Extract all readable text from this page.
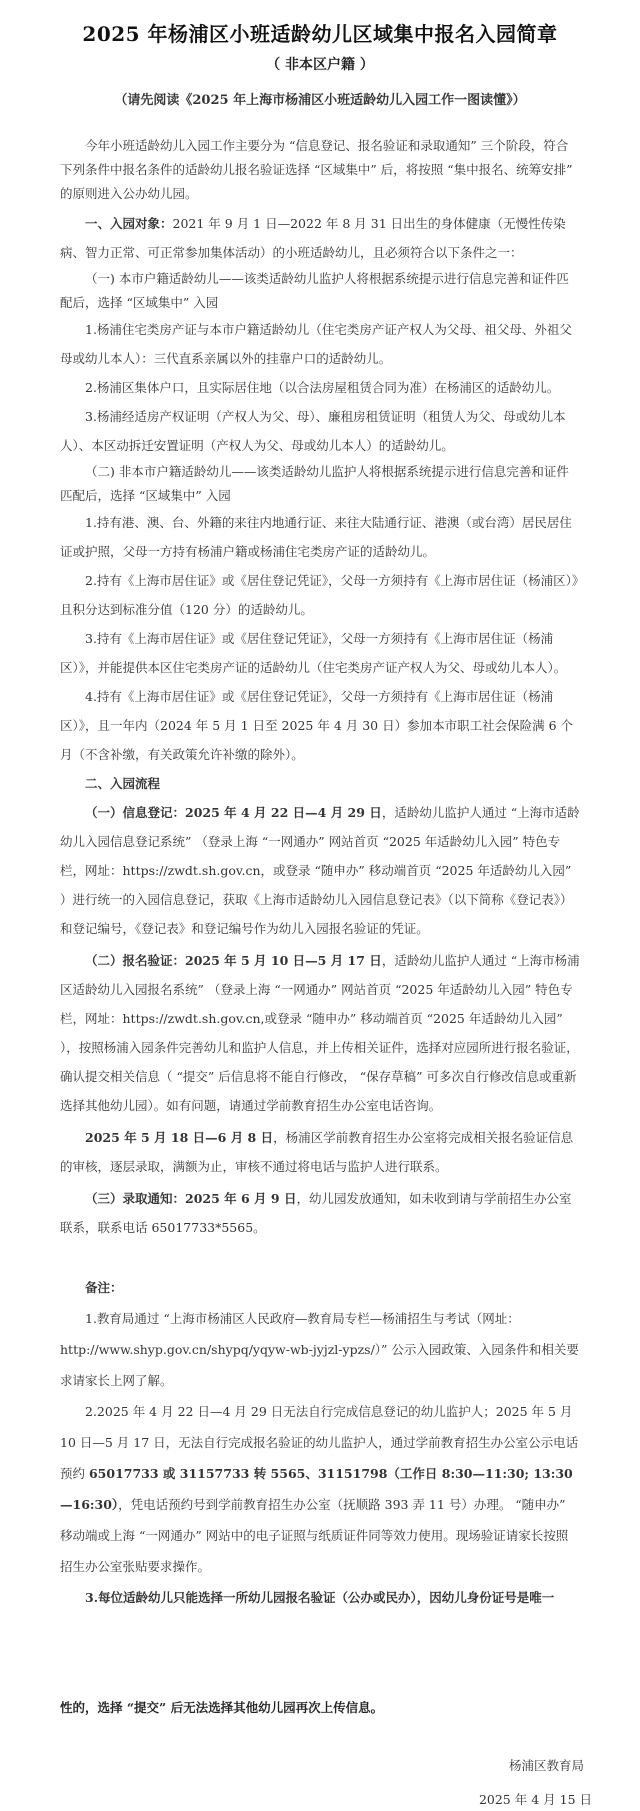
2025 年杨浦区小班适龄幼儿区域集中报名入园简章
（ 非本区户籍 ）
（请先阅读《2025 年上海市杨浦区小班适龄幼儿入园工作一图读懂》）

今年小班适龄幼儿入园工作主要分为 “信息登记、报名验证和录取通知” 三个阶段，符合下列条件中报名条件的适龄幼儿报名验证选择 “区域集中” 后，将按照 “集中报名、统筹安排” 的原则进入公办幼儿园。

一、入园对象：2021 年 9 月 1 日—2022 年 8 月 31 日出生的身体健康（无慢性传染病、智力正常、可正常参加集体活动）的小班适龄幼儿，且必须符合以下条件之一：

（一) 本市户籍适龄幼儿——该类适龄幼儿监护人将根据系统提示进行信息完善和证件匹配后，选择 “区域集中” 入园

1.杨浦住宅类房产证与本市户籍适龄幼儿（住宅类房产证产权人为父母、祖父母、外祖父母或幼儿本人）：三代直系亲属以外的挂靠户口的适龄幼儿。

2.杨浦区集体户口，且实际居住地（以合法房屋租赁合同为准）在杨浦区的适龄幼儿。

3.杨浦经适房产权证明（产权人为父、母）、廉租房租赁证明（租赁人为父、母或幼儿本人）、本区动拆迁安置证明（产权人为父、母或幼儿本人）的适龄幼儿。

（二) 非本市户籍适龄幼儿——该类适龄幼儿监护人将根据系统提示进行信息完善和证件匹配后，选择 “区域集中” 入园

1.持有港、澳、台、外籍的来往内地通行证、来往大陆通行证、港澳（或台湾）居民居住证或护照，父母一方持有杨浦户籍或杨浦住宅类房产证的适龄幼儿。

2.持有《上海市居住证》或《居住登记凭证》，父母一方须持有《上海市居住证（杨浦区）》且积分达到标准分值（120 分）的适龄幼儿。

3.持有《上海市居住证》或《居住登记凭证》，父母一方须持有《上海市居住证（杨浦区）》，并能提供本区住宅类房产证的适龄幼儿（住宅类房产证产权人为父、母或幼儿本人）。

4.持有《上海市居住证》或《居住登记凭证》，父母一方须持有《上海市居住证（杨浦区）》，且一年内（2024 年 5 月 1 日至 2025 年 4 月 30 日）参加本市职工社会保险满 6 个月（不含补缴，有关政策允许补缴的除外）。

二、入园流程

（一）信息登记：2025 年 4 月 22 日—4 月 29 日，适龄幼儿监护人通过 “上海市适龄幼儿入园信息登记系统” （登录上海 “一网通办” 网站首页 “2025 年适龄幼儿入园” 特色专栏，网址：https://zwdt.sh.gov.cn，或登录 “随申办” 移动端首页 “2025 年适龄幼儿入园” ）进行统一的入园信息登记，获取《上海市适龄幼儿入园信息登记表》（以下简称《登记表》）和登记编号，《登记表》和登记编号作为幼儿入园报名验证的凭证。

（二）报名验证：2025 年 5 月 10 日—5 月 17 日，适龄幼儿监护人通过 “上海市杨浦区适龄幼儿入园报名系统” （登录上海 “一网通办” 网站首页 “2025 年适龄幼儿入园” 特色专栏，网址：https://zwdt.sh.gov.cn,或登录 “随申办” 移动端首页 “2025 年适龄幼儿入园” ），按照杨浦入园条件完善幼儿和监护人信息，并上传相关证件，选择对应园所进行报名验证，确认提交相关信息（ “提交” 后信息将不能自行修改， “保存草稿” 可多次自行修改信息或重新选择其他幼儿园）。如有问题，请通过学前教育招生办公室电话咨询。

2025 年 5 月 18 日—6 月 8 日，杨浦区学前教育招生办公室将完成相关报名验证信息的审核，逐层录取，满额为止，审核不通过将电话与监护人进行联系。

（三）录取通知：2025 年 6 月 9 日，幼儿园发放通知，如未收到请与学前招生办公室联系，联系电话 65017733*5565。

备注：

1.教育局通过 “上海市杨浦区人民政府—教育局专栏—杨浦招生与考试（网址：http://www.shyp.gov.cn/shypq/yqyw-wb-jyjzl-ypzs/）” 公示入园政策、入园条件和相关要求请家长上网了解。

2.2025 年 4 月 22 日—4 月 29 日无法自行完成信息登记的幼儿监护人；2025 年 5 月 10 日—5 月 17 日，无法自行完成报名验证的幼儿监护人，通过学前教育招生办公室公示电话预约 65017733 或 31157733 转 5565、31151798（工作日 8:30—11:30; 13:30—16:30），凭电话预约号到学前教育招生办公室（抚顺路 393 弄 11 号）办理。 “随申办” 移动端或上海 “一网通办” 网站中的电子证照与纸质证件同等效力使用。现场验证请家长按照招生办公室张贴要求操作。

3.每位适龄幼儿只能选择一所幼儿园报名验证（公办或民办），因幼儿身份证号是唯一

性的，选择 “提交” 后无法选择其他幼儿园再次上传信息。
杨浦区教育局
2025 年 4 月 15 日
